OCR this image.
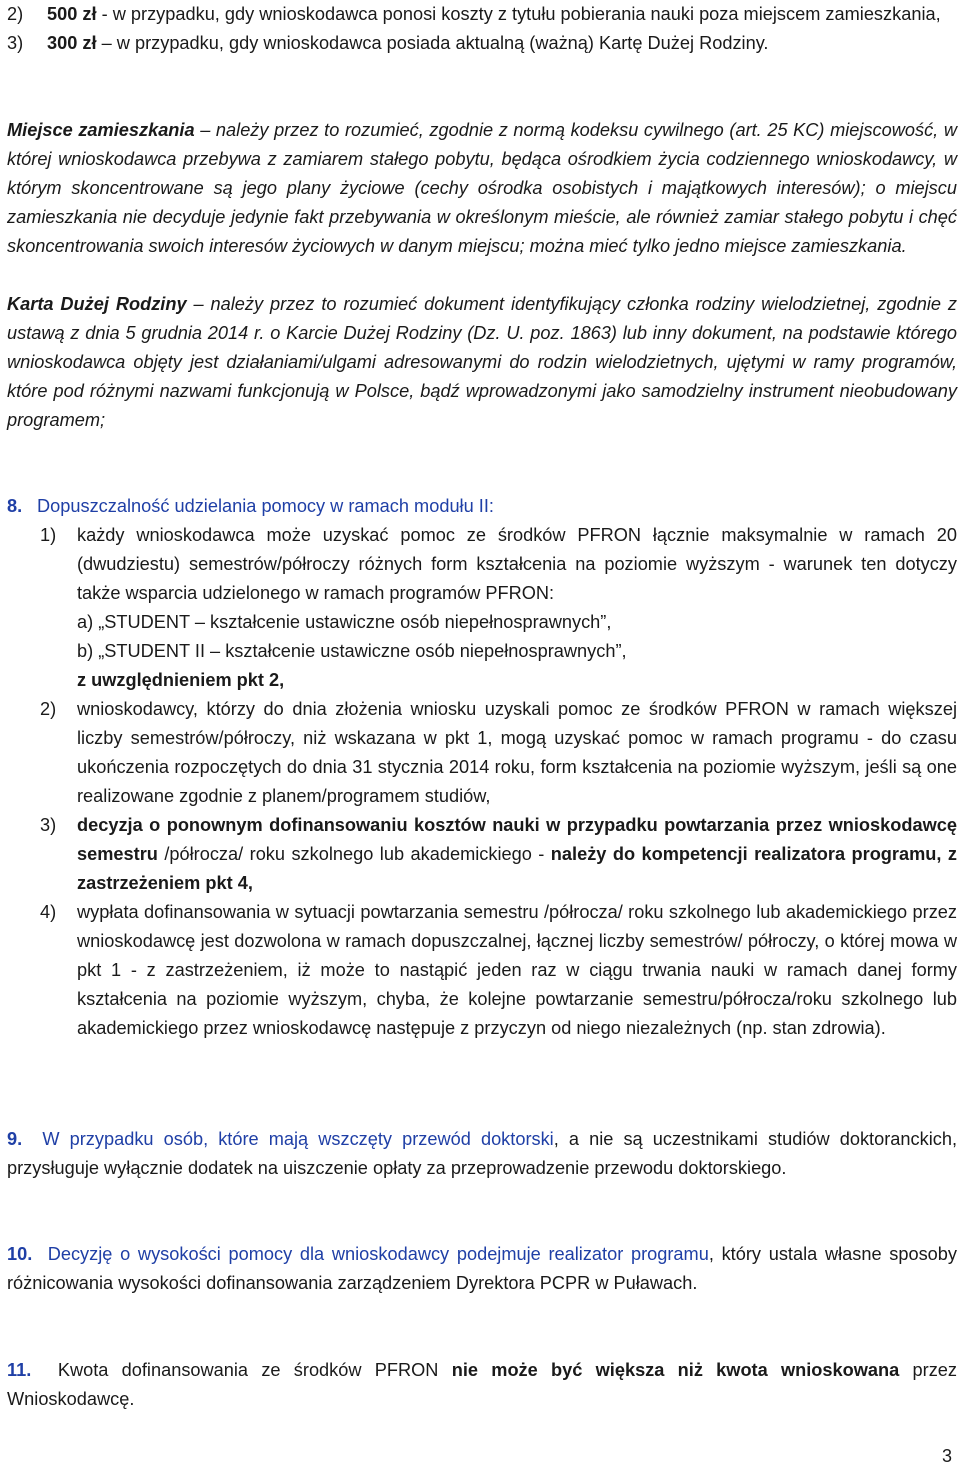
2)	500 zł - w przypadku, gdy wnioskodawca ponosi koszty z tytułu pobierania nauki poza miejscem zamieszkania,
3)	300 zł – w przypadku, gdy wnioskodawca posiada aktualną (ważną) Kartę Dużej Rodziny.
Miejsce zamieszkania – należy przez to rozumieć, zgodnie z normą kodeksu cywilnego (art. 25 KC) miejscowość, w której wnioskodawca przebywa z zamiarem stałego pobytu, będąca ośrodkiem życia codziennego wnioskodawcy, w którym skoncentrowane są jego plany życiowe (cechy ośrodka osobistych i majątkowych interesów); o miejscu zamieszkania nie decyduje jedynie fakt przebywania w określonym mieście, ale również zamiar stałego pobytu i chęć skoncentrowania swoich interesów życiowych w danym miejscu; można mieć tylko jedno miejsce zamieszkania.
Karta Dużej Rodziny – należy przez to rozumieć dokument identyfikujący członka rodziny wielodzietnej, zgodnie z ustawą z dnia 5 grudnia 2014 r. o Karcie Dużej Rodziny (Dz. U. poz. 1863) lub inny dokument, na podstawie którego wnioskodawca objęty jest działaniami/ulgami adresowanymi do rodzin wielodzietnych, ujętymi w ramy programów, które pod różnymi nazwami funkcjonują w Polsce, bądź wprowadzonymi jako samodzielny instrument nieobudowany programem;
8. Dopuszczalność udzielania pomocy w ramach modułu II:
1)	każdy wnioskodawca może uzyskać pomoc ze środków PFRON łącznie maksymalnie w ramach 20 (dwudziestu) semestrów/półroczy różnych form kształcenia na poziomie wyższym - warunek ten dotyczy także wsparcia udzielonego w ramach programów PFRON:

a) „STUDENT – kształcenie ustawiczne osób niepełnosprawnych”,

b) „STUDENT II – kształcenie ustawiczne osób niepełnosprawnych”,

z uwzględnieniem pkt 2,

2)	wnioskodawcy, którzy do dnia złożenia wniosku uzyskali pomoc ze środków PFRON w ramach większej liczby semestrów/półroczy, niż wskazana w pkt 1, mogą uzyskać pomoc w ramach programu - do czasu ukończenia rozpoczętych do dnia 31 stycznia 2014 roku, form kształcenia na poziomie wyższym, jeśli są one realizowane zgodnie z planem/programem studiów,

3)	decyzja o ponownym dofinansowaniu kosztów nauki w przypadku powtarzania przez wnioskodawcę semestru /półrocza/ roku szkolnego lub akademickiego - należy do kompetencji realizatora programu, z zastrzeżeniem pkt 4,

4)	wypłata dofinansowania w sytuacji powtarzania semestru /półrocza/ roku szkolnego lub akademickiego przez wnioskodawcę jest dozwolona w ramach dopuszczalnej, łącznej liczby semestrów/ półroczy, o której mowa w pkt 1 - z zastrzeżeniem, iż może to nastąpić jeden raz w ciągu trwania nauki w ramach danej formy kształcenia na poziomie wyższym, chyba, że kolejne powtarzanie semestru/półrocza/roku szkolnego lub akademickiego przez wnioskodawcę następuje z przyczyn od niego niezależnych (np. stan zdrowia).

9. W przypadku osób, które mają wszczęty przewód doktorski, a nie są uczestnikami studiów doktoranckich, przysługuje wyłącznie dodatek na uiszczenie opłaty za przeprowadzenie przewodu doktorskiego.
10. Decyzję o wysokości pomocy dla wnioskodawcy podejmuje realizator programu, który ustala własne sposoby różnicowania wysokości dofinansowania zarządzeniem Dyrektora PCPR w Puławach.
11. Kwota dofinansowania ze środków PFRON nie może być większa niż kwota wnioskowana przez Wnioskodawcę.
3
